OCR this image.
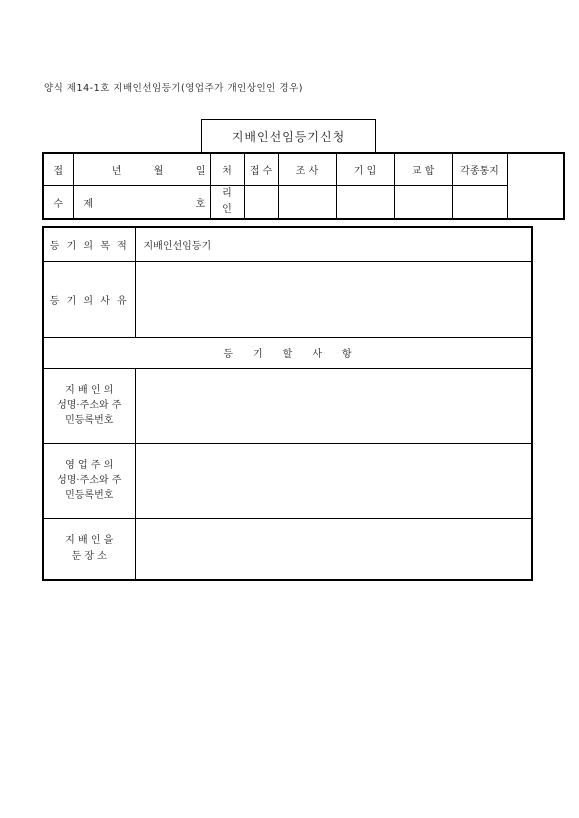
양식 제14-1호 지배인선임등기(영업주가 개인상인인 경우)
지배인선임등기신청
접	년 월 일	처	접 수	조 사	기 입	교 합	각종통지
수	제 호	리
인					

등 기 의 목 적	지배인선임등기
등 기 의 사 유	
등　　기　　할　　사　　항	

지 배 인 의
성명·주소와 주
민등록번호	

영 업 주 의
성명·주소와 주
민등록번호	

지 배 인 을
둔 장 소	
